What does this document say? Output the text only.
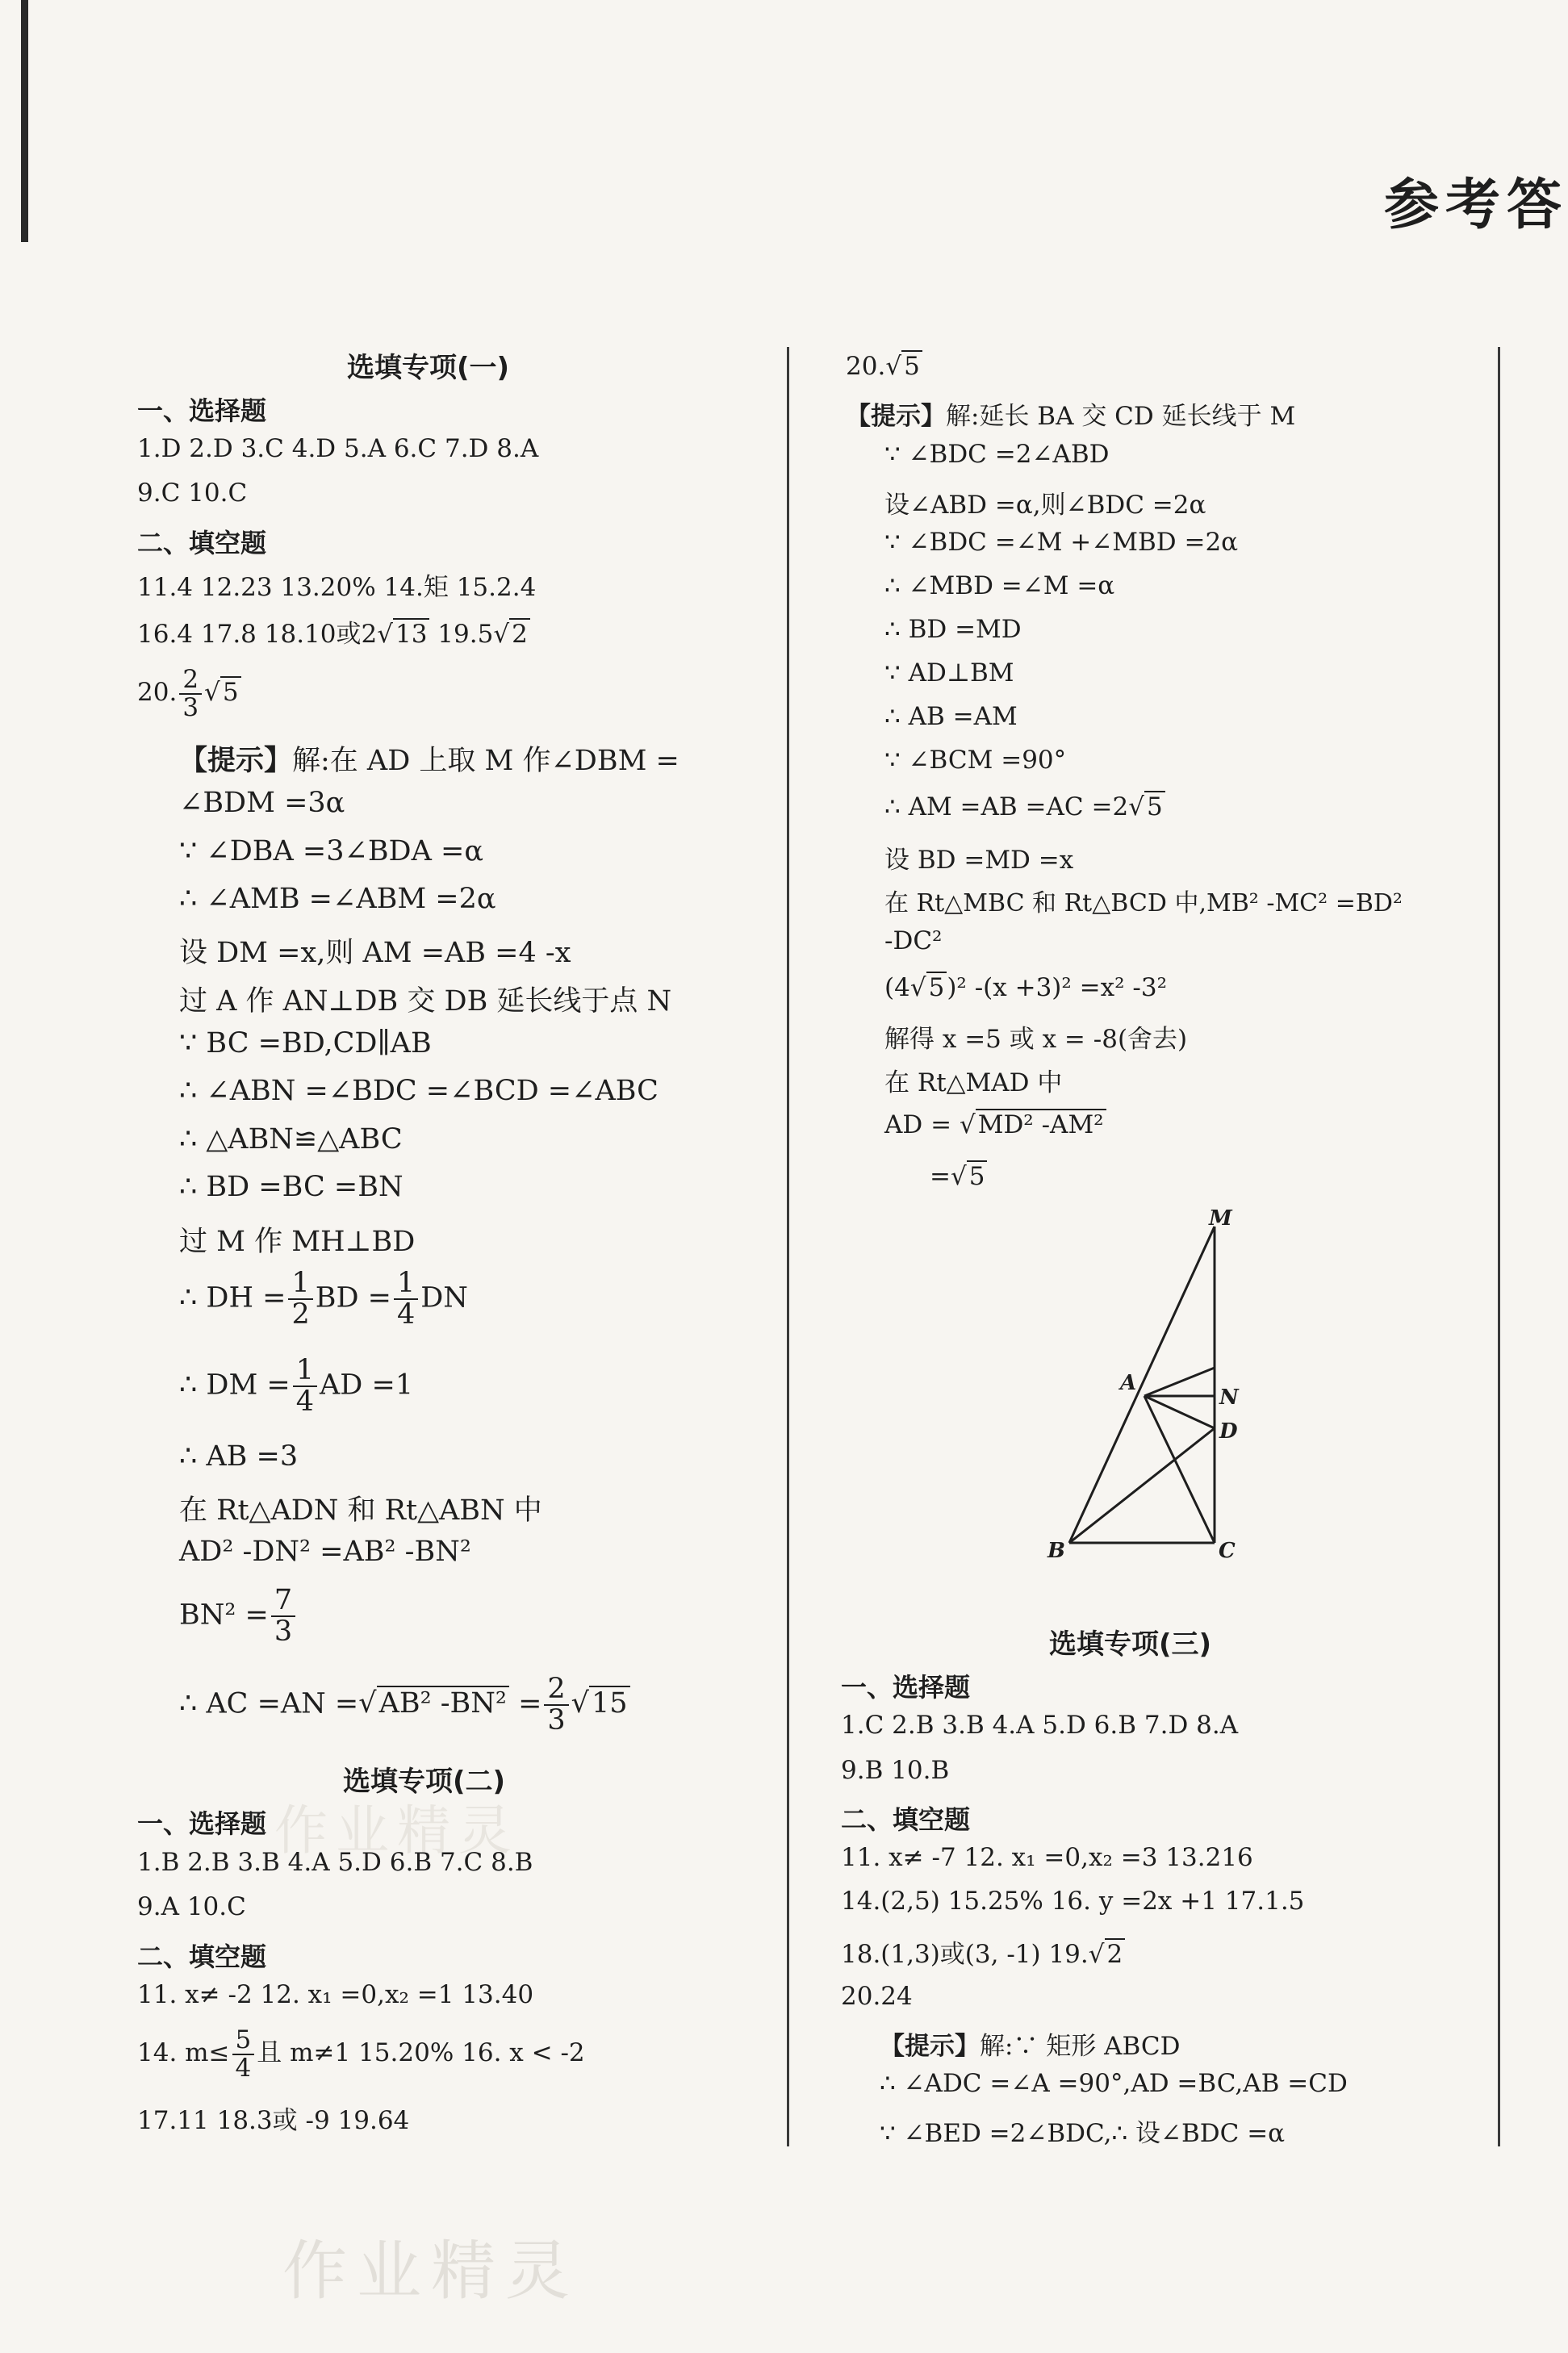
参考答
作业精灵
作业精灵
选填专项(一)
一、选择题
1.D 2.D 3.C 4.D 5.A 6.C 7.D 8.A
9.C 10.C
二、填空题
11.4 12.23 13.20% 14.矩 15.2.4
16.4 17.8 18.10或2√13 19.5√2
20. $\frac{2}{3} √5$
【提示】解:在 AD 上取 M 作∠DBM =
∠BDM =3α
∵ ∠DBA =3∠BDA =α
∴ ∠AMB =∠ABM =2α
设 DM =x,则 AM =AB =4 -x
过 A 作 AN⊥DB 交 DB 延长线于点 N
∵ BC =BD,CD∥AB
∴ ∠ABN =∠BDC =∠BCD =∠ABC
∴ △ABN≌△ABC
∴ BD =BC =BN
过 M 作 MH⊥BD
∴ DH = $\frac{1}{2}$ BD = $\frac{1}{4}$ DN
∴ DM = $\frac{1}{4}$ AD =1
∴ AB =3
在 Rt△ADN 和 Rt△ABN 中
AD² -DN² =AB² -BN²
$BN^2 = \frac{7}{3}$
∴ AC =AN =√AB² $-BN^2 = \frac{2}{3} √15$
选填专项(二)
一、选择题
1.B 2.B 3.B 4.A 5.D 6.B 7.C 8.B
9.A 10.C
二、填空题
11. x≠ -2 12. x₁ =0,x₂ =1 13.40
14. $m\le \frac{5}{4}$ 且 m≠1 15.20% 16. x < -2
17.11 18.3或 -9 19.64
20.√5
【提示】解:延长 BA 交 CD 延长线于 M
∵ ∠BDC =2∠ABD
设∠ABD =α,则∠BDC =2α
∵ ∠BDC =∠M +∠MBD =2α
∴ ∠MBD =∠M =α
∴ BD =MD
∵ AD⊥BM
∴ AB =AM
∵ ∠BCM =90°
∴ AM =AB =AC =2√5
设 BD =MD =x
在 Rt△MBC 和 Rt△BCD 中,MB² -MC² =BD²
-DC²
(4√5)² -(x +3)² =x² -3²
解得 x =5 或 x = -8(舍去)
在 Rt△MAD 中
AD = √MD² -AM²
=√5
M
A
N
D
B	C
选填专项(三)
一、选择题
1.C 2.B 3.B 4.A 5.D 6.B 7.D 8.A
9.B 10.B
二、填空题
11. x≠ -7 12. x₁ =0,x₂ =3 13.216
14.(2,5) 15.25% 16. y =2x +1 17.1.5
18.(1,3)或(3, -1) 19.√2
20.24
【提示】解:∵ 矩形 ABCD
∴ ∠ADC =∠A =90°,AD =BC,AB =CD
∵ ∠BED =2∠BDC,∴ 设∠BDC =α
